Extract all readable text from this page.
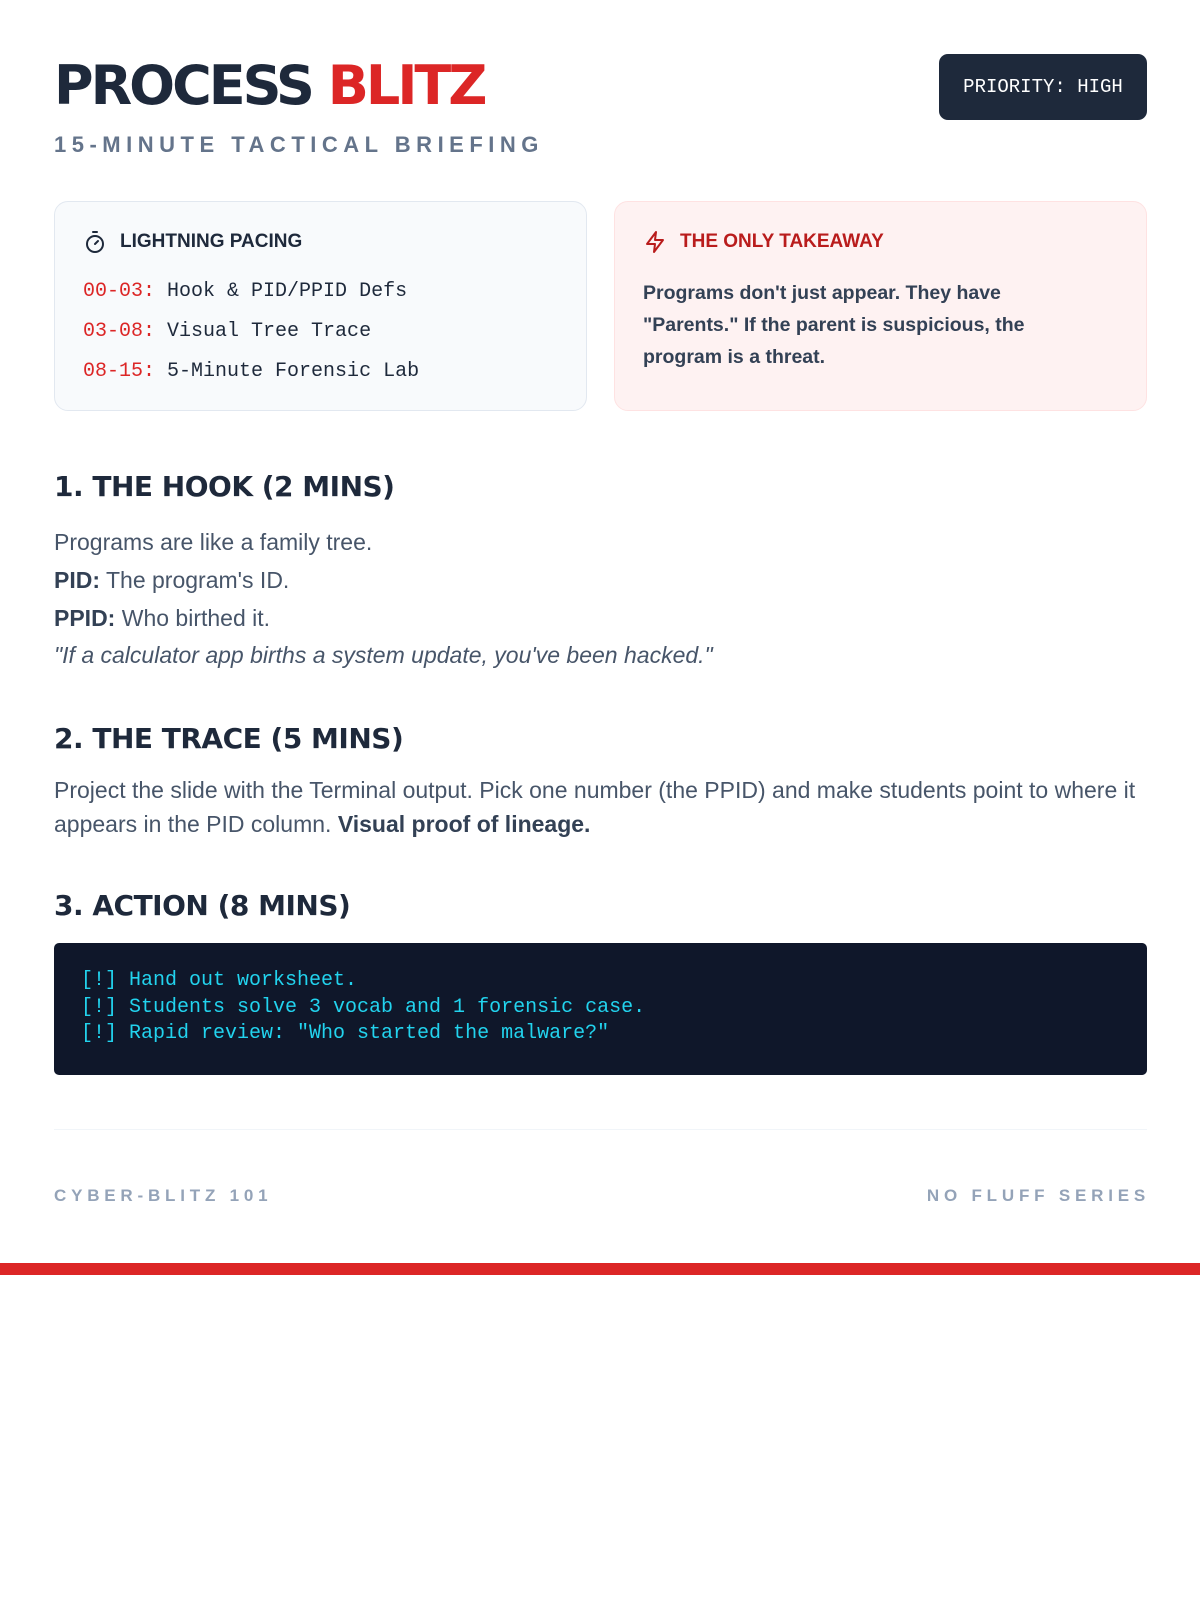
PROCESS BLITZ
15-MINUTE TACTICAL BRIEFING
PRIORITY: HIGH
LIGHTNING PACING
00-03: Hook & PID/PPID Defs
03-08: Visual Tree Trace
08-15: 5-Minute Forensic Lab
THE ONLY TAKEAWAY
Programs don't just appear. They have "Parents." If the parent is suspicious, the program is a threat.
1. THE HOOK (2 MINS)
Programs are like a family tree.
PID: The program's ID.
PPID: Who birthed it.
"If a calculator app births a system update, you've been hacked."
2. THE TRACE (5 MINS)
Project the slide with the Terminal output. Pick one number (the PPID) and make students point to where it appears in the PID column. Visual proof of lineage.
3. ACTION (8 MINS)
[!] Hand out worksheet.
[!] Students solve 3 vocab and 1 forensic case.
[!] Rapid review: "Who started the malware?"
CYBER-BLITZ 101	NO FLUFF SERIES
